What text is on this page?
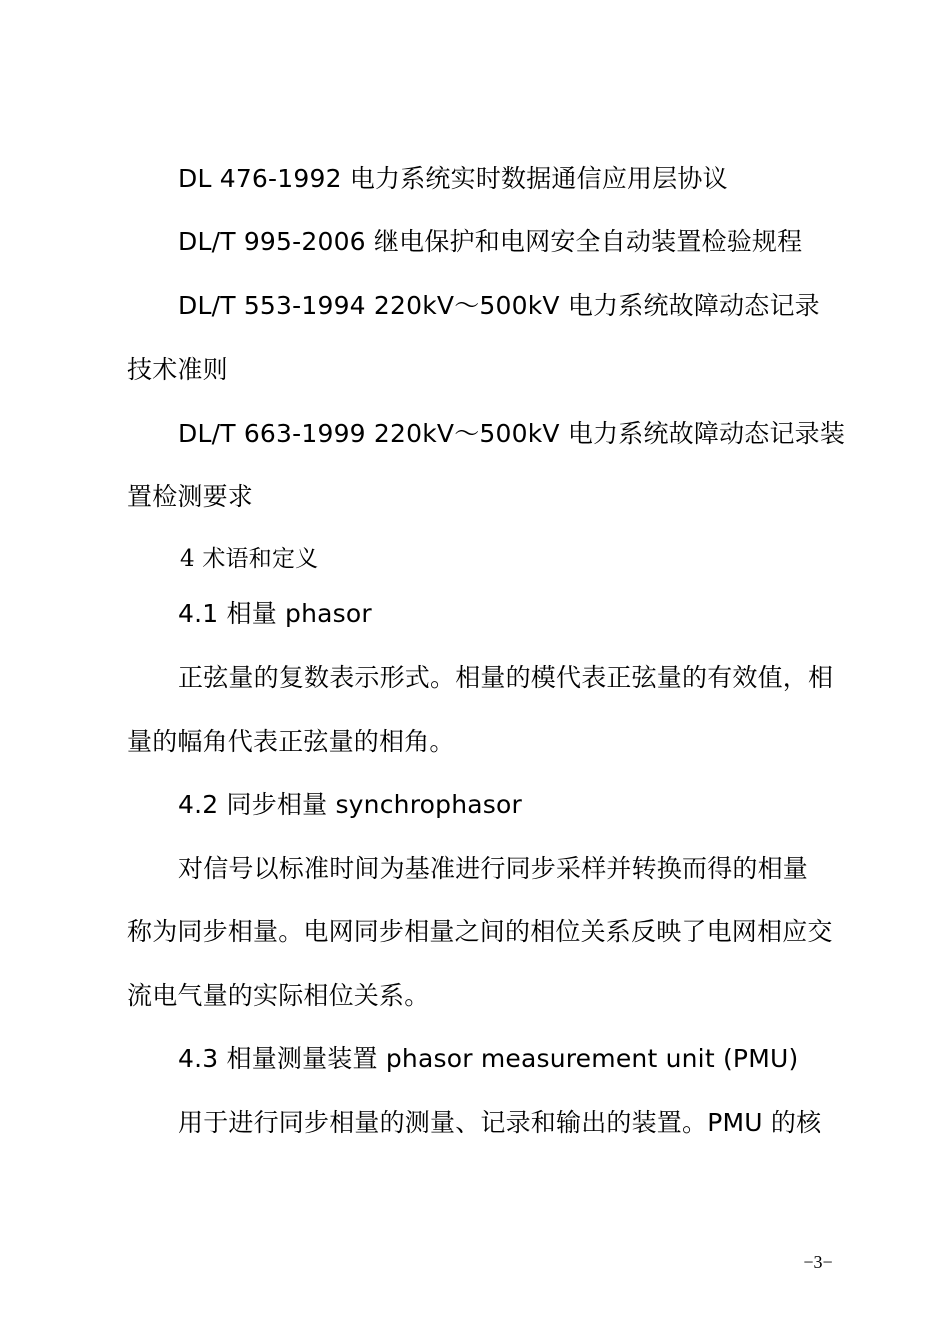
DL 476-1992 电力系统实时数据通信应用层协议

DL/T 995-2006 继电保护和电网安全自动装置检验规程

DL/T 553-1994 220kV～500kV 电力系统故障动态记录

技术准则

DL/T 663-1999 220kV～500kV 电力系统故障动态记录装

置检测要求

4 术语和定义

4.1 相量 phasor

正弦量的复数表示形式。相量的模代表正弦量的有效值，相

量的幅角代表正弦量的相角。

4.2 同步相量 synchrophasor

对信号以标准时间为基准进行同步采样并转换而得的相量

称为同步相量。电网同步相量之间的相位关系反映了电网相应交

流电气量的实际相位关系。

4.3 相量测量装置 phasor measurement unit (PMU)

用于进行同步相量的测量、记录和输出的装置。PMU 的核

−3−
